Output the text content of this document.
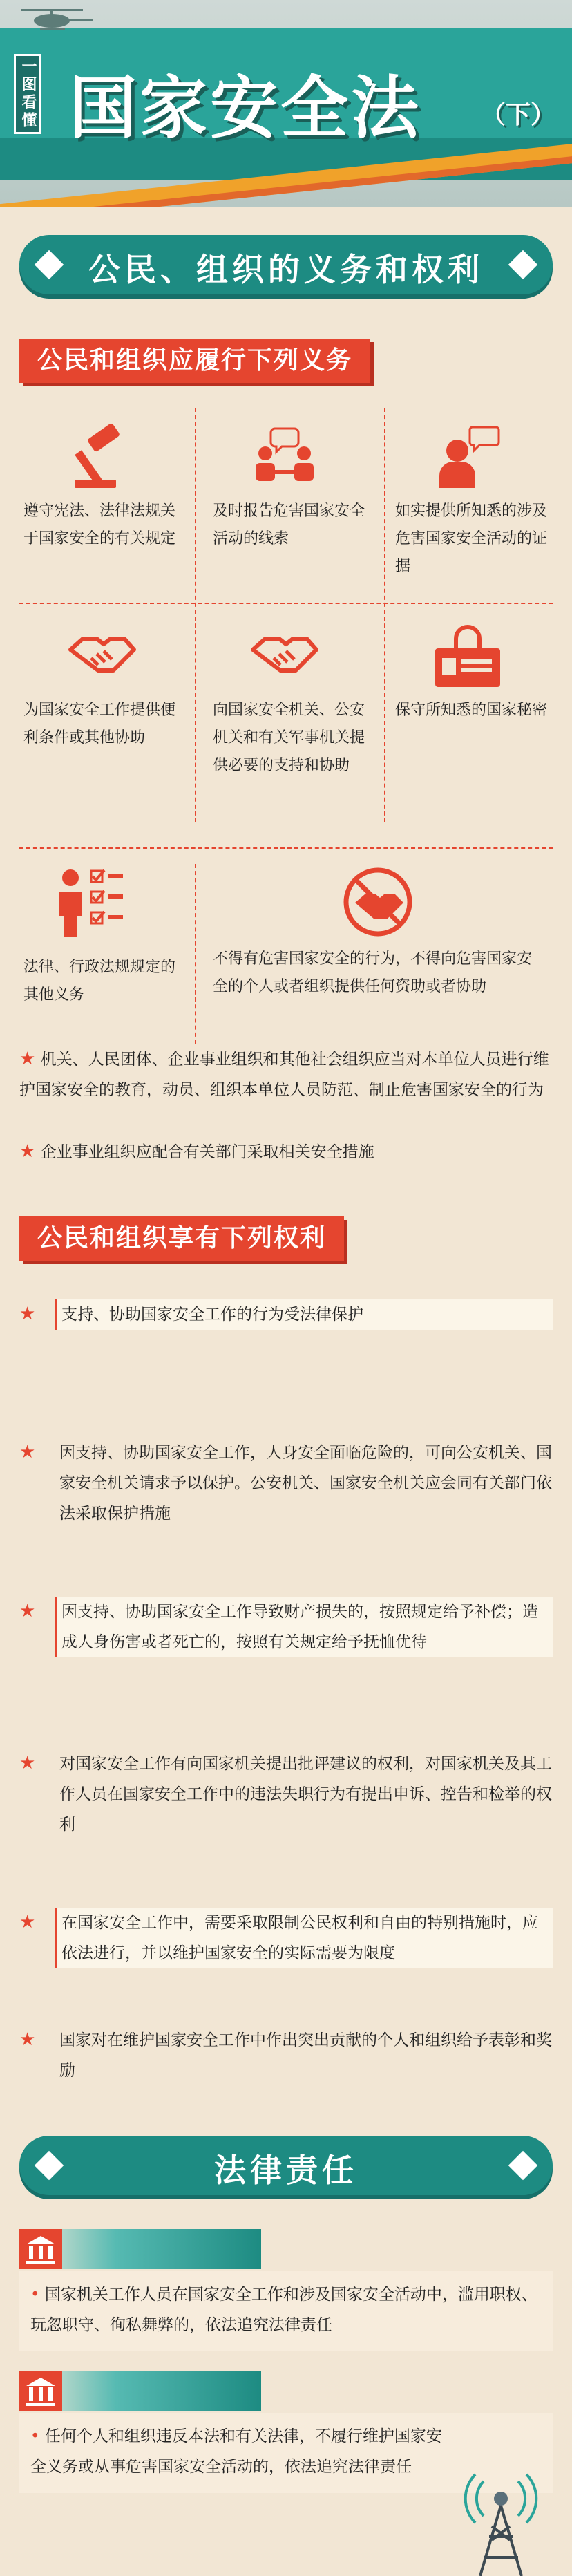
一图看懂 国家安全法 （下）
公民、组织的义务和权利
公民和组织应履行下列义务
遵守宪法、法律法规关于国家安全的有关规定
及时报告危害国家安全活动的线索
如实提供所知悉的涉及危害国家安全活动的证据
为国家安全工作提供便利条件或其他协助
向国家安全机关、公安机关和有关军事机关提供必要的支持和协助
保守所知悉的国家秘密
法律、行政法规规定的其他义务
不得有危害国家安全的行为，不得向危害国家安全的个人或者组织提供任何资助或者协助
★ 机关、人民团体、企业事业组织和其他社会组织应当对本单位人员进行维护国家安全的教育，动员、组织本单位人员防范、制止危害国家安全的行为
★ 企业事业组织应配合有关部门采取相关安全措施
公民和组织享有下列权利
★	支持、协助国家安全工作的行为受法律保护
★ 因支持、协助国家安全工作，人身安全面临危险的，可向公安机关、国家安全机关请求予以保护。公安机关、国家安全机关应会同有关部门依法采取保护措施
★	因支持、协助国家安全工作导致财产损失的，按照规定给予补偿；造成人身伤害或者死亡的，按照有关规定给予抚恤优待
★ 对国家安全工作有向国家机关提出批评建议的权利，对国家机关及其工作人员在国家安全工作中的违法失职行为有提出申诉、控告和检举的权利
★	在国家安全工作中，需要采取限制公民权利和自由的特别措施时，应依法进行，并以维护国家安全的实际需要为限度
★ 国家对在维护国家安全工作中作出突出贡献的个人和组织给予表彰和奖励
法律责任
• 国家机关工作人员在国家安全工作和涉及国家安全活动中，滥用职权、玩忽职守、徇私舞弊的，依法追究法律责任
• 任何个人和组织违反本法和有关法律，不履行维护国家安全义务或从事危害国家安全活动的，依法追究法律责任
